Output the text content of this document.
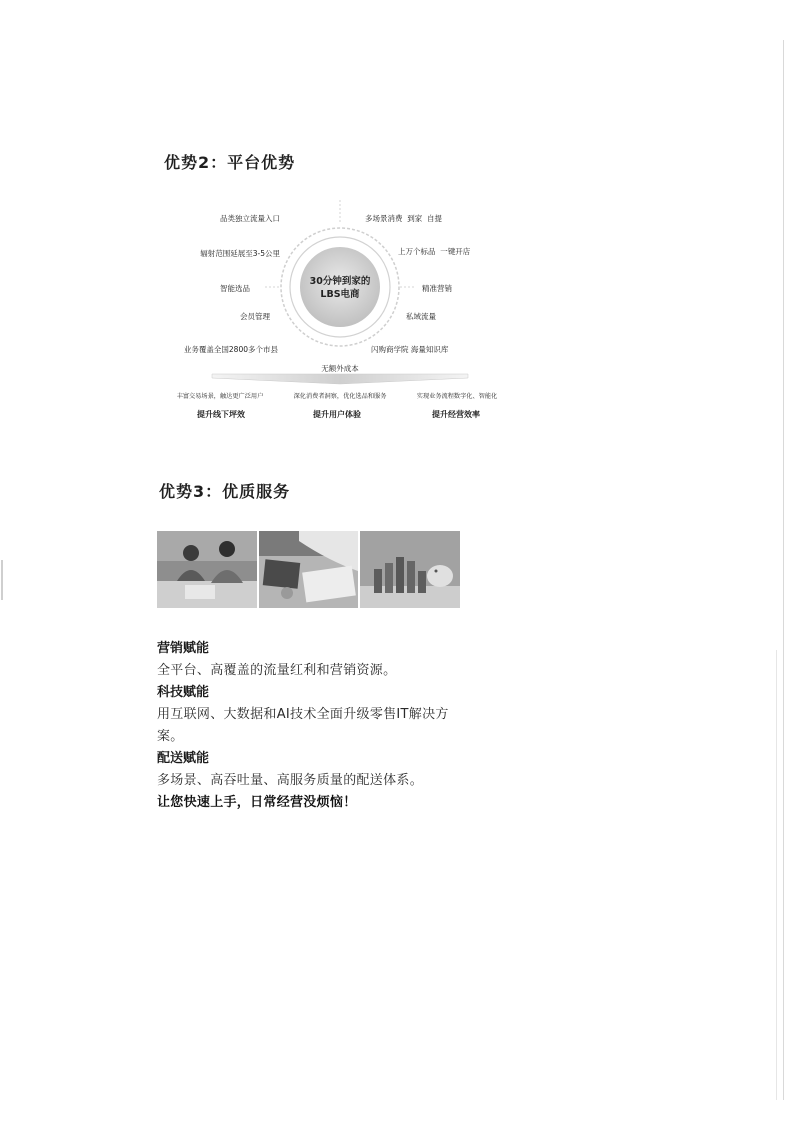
优势2：平台优势
30分钟到家的
LBS电商
品类独立流量入口
辐射范围延展至3-5公里
智能选品
会员管理
业务覆盖全国2800多个市县
多场景消费  到家  自提
上万个标品  一键开店
精准营销
私域流量
闪购商学院 海量知识库
无额外成本
丰富交易场景，触达更广泛用户	深化消费者洞察，优化选品和服务	实现业务流程数字化、智能化
提升线下坪效	提升用户体验	提升经营效率
优势3：优质服务
营销赋能
全平台、高覆盖的流量红利和营销资源。
科技赋能
用互联网、大数据和AI技术全面升级零售IT解决方
案。
配送赋能
多场景、高吞吐量、高服务质量的配送体系。
让您快速上手，日常经营没烦恼！
